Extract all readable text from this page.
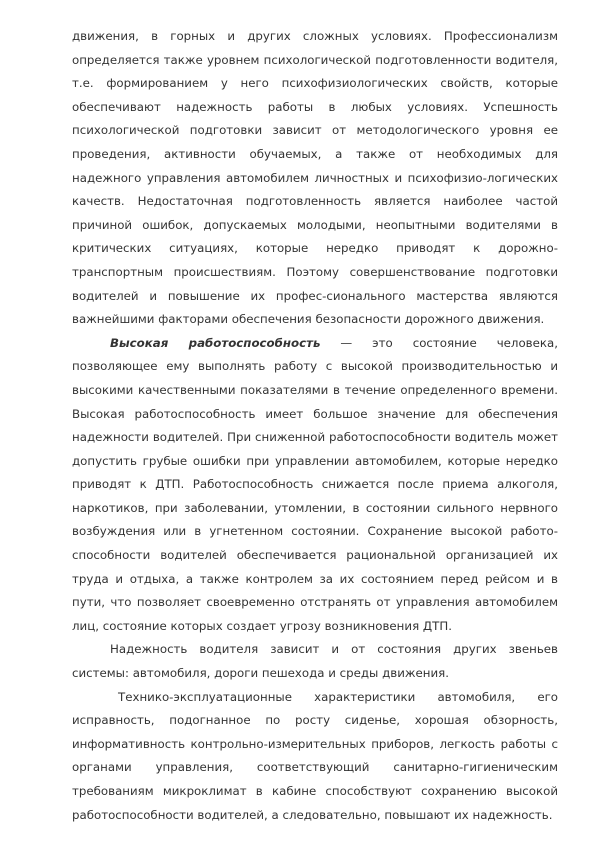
движения, в горных и других сложных условиях. Профессионализм определяется также уровнем психологической подготовленности водителя, т.е. формированием у него психофизиологических свойств, которые обеспечивают надежность работы в любых условиях. Успешность психологической подготовки зависит от методологического уровня ее проведения, активности обучаемых, а также от необходимых для надежного управления автомобилем личностных и психофизио-логических качеств. Недостаточная подготовленность является наиболее частой причиной ошибок, допускаемых молодыми, неопытными водителями в критических ситуациях, которые нередко приводят к дорожно-транспортным происшествиям. Поэтому совершенствование подготовки водителей и повышение их профес-сионального мастерства являются важнейшими факторами обеспечения безопасности дорожного движения.

Высокая работоспособность — это состояние человека, позволяющее ему выполнять работу с высокой производительностью и высокими качественными показателями в течение определенного времени. Высокая работоспособность имеет большое значение для обеспечения надежности водителей. При сниженной работоспособности водитель может допустить грубые ошибки при управлении автомобилем, которые нередко приводят к ДТП. Работоспособность снижается после приема алкоголя, наркотиков, при заболевании, утомлении, в состоянии сильного нервного возбуждения или в угнетенном состоянии. Сохранение высокой работо-способности водителей обеспечивается рациональной организацией их труда и отдыха, а также контролем за их состоянием перед рейсом и в пути, что позволяет своевременно отстранять от управления автомобилем лиц, состояние которых создает угрозу возникновения ДТП.

Надежность водителя зависит и от состояния других звеньев системы: автомобиля, дороги пешехода и среды движения.

Технико-эксплуатационные характеристики автомобиля, его исправность, подогнанное по росту сиденье, хорошая обзорность, информативность контрольно-измерительных приборов, легкость работы с органами управления, соответствующий санитарно-гигиеническим требованиям микроклимат в кабине способствуют сохранению высокой работоспособности водителей, а следовательно, повышают их надежность.
